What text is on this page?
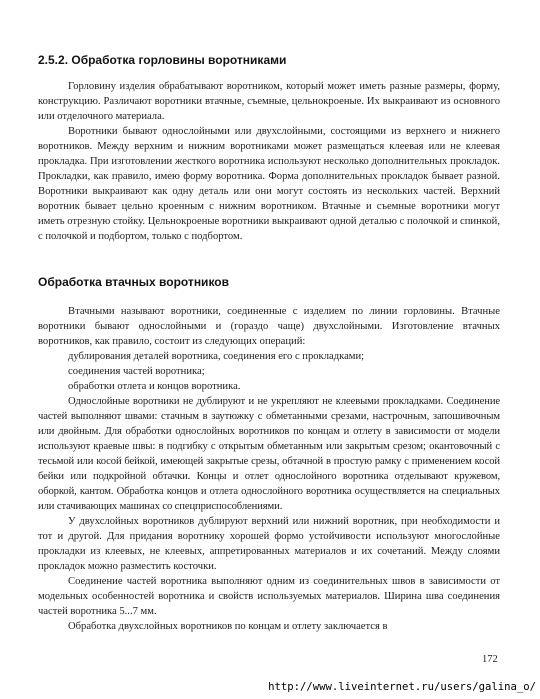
2.5.2. Обработка горловины воротниками

Горловину изделия обрабатывают воротником, который может иметь разные размеры, форму, конструкцию. Различают воротники втачные, съемные, цельнокроеные. Их выкраивают из основного или отделочного материала.

Воротники бывают однослойными или двухслойными, состоящими из верхнего и нижнего воротников. Между верхним и нижним воротниками может размещаться клеевая или не клеевая прокладка. При изготовлении жесткого воротника используют несколько дополнительных прокладок. Прокладки, как правило, имею форму воротника. Форма дополнительных прокладок бывает разной. Воротники выкраивают как одну деталь или они могут состоять из нескольких частей. Верхний воротник бывает цельно кроенным с нижним воротником. Втачные и съемные воротники могут иметь отрезную стойку. Цельнокроеные воротники выкраивают одной деталью с полочкой и спинкой, с полочкой и подбортом, только с подбортом.

Обработка втачных воротников

Втачными называют воротники, соединенные с изделием по линии горловины. Втачные воротники бывают однослойными и (гораздо чаще) двухслойными. Изготовление втачных воротников, как правило, состоит из следующих операций:

дублирования деталей воротника, соединения его с прокладками;

соединения частей воротника;

обработки отлета и концов воротника.

Однослойные воротники не дублируют и не укрепляют не клеевыми прокладками. Соединение частей выполняют швами: стачным в заутюжку с обметанными срезами, настрочным, запошивочным или двойным. Для обработки однослойных воротников по концам и отлету в зависимости от модели используют краевые швы: в подгибку с открытым обметанным или закрытым срезом; окантовочный с тесьмой или косой бейкой, имеющей закрытые срезы, обтачной в простую рамку с применением косой бейки или подкройной обтачки. Концы и отлет однослойного воротника отделывают кружевом, оборкой, кантом. Обработка концов и отлета однослойного воротника осуществляется на специальных или стачивающих машинах со спецприспособлениями.

У двухслойных воротников дублируют верхний или нижний воротник, при необходимости и тот и другой. Для придания воротнику хорошей формо устойчивости используют многослойные прокладки из клеевых, не клеевых, аппретированных материалов и их сочетаний. Между слоями прокладок можно разместить косточки.

Соединение частей воротника выполняют одним из соединительных швов в зависимости от модельных особенностей воротника и свойств используемых материалов. Ширина шва соединения частей воротника 5...7 мм.

Обработка двухслойных воротников по концам и отлету заключается в

172
http://www.liveinternet.ru/users/galina_o/
